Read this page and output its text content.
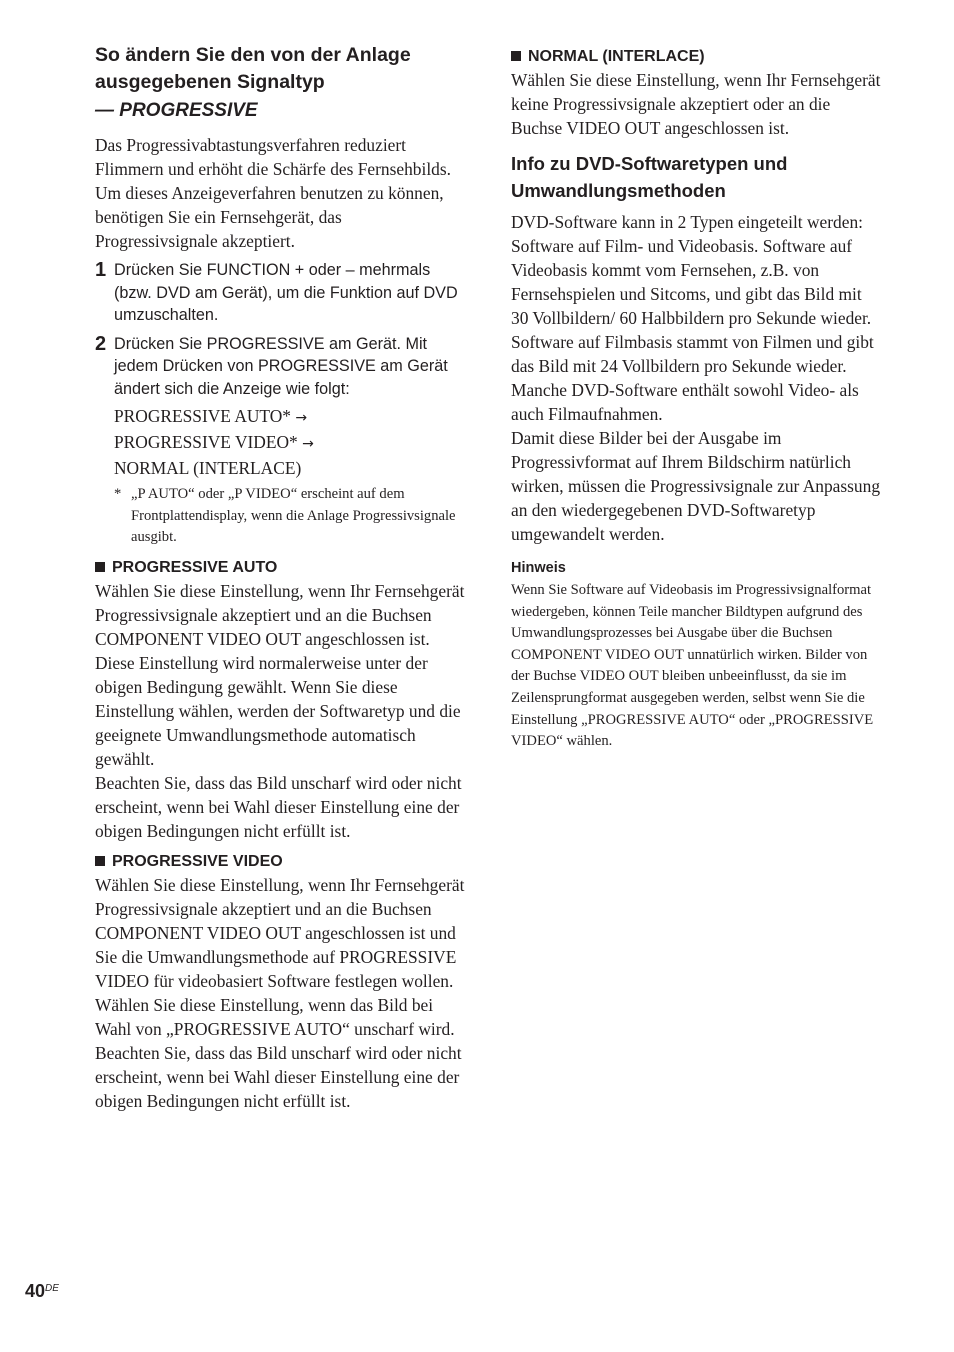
So ändern Sie den von der Anlage ausgegebenen Signaltyp
— PROGRESSIVE

Das Progressivabtastungsverfahren reduziert Flimmern und erhöht die Schärfe des Fernsehbilds. Um dieses Anzeigeverfahren benutzen zu können, benötigen Sie ein Fernsehgerät, das Progressivsignale akzeptiert.

1 Drücken Sie FUNCTION + oder – mehrmals (bzw. DVD am Gerät), um die Funktion auf DVD umzuschalten.

2 Drücken Sie PROGRESSIVE am Gerät. Mit jedem Drücken von PROGRESSIVE am Gerät ändert sich die Anzeige wie folgt:

PROGRESSIVE AUTO* →
PROGRESSIVE VIDEO* →
NORMAL (INTERLACE)
* „P AUTO“ oder „P VIDEO“ erscheint auf dem Frontplattendisplay, wenn die Anlage Progressivsignale ausgibt.
PROGRESSIVE AUTO

Wählen Sie diese Einstellung, wenn Ihr Fernsehgerät Progressivsignale akzeptiert und an die Buchsen COMPONENT VIDEO OUT angeschlossen ist.

Diese Einstellung wird normalerweise unter der obigen Bedingung gewählt. Wenn Sie diese Einstellung wählen, werden der Softwaretyp und die geeignete Umwandlungsmethode automatisch gewählt.

Beachten Sie, dass das Bild unscharf wird oder nicht erscheint, wenn bei Wahl dieser Einstellung eine der obigen Bedingungen nicht erfüllt ist.

PROGRESSIVE VIDEO

Wählen Sie diese Einstellung, wenn Ihr Fernsehgerät Progressivsignale akzeptiert und an die Buchsen COMPONENT VIDEO OUT angeschlossen ist und Sie die Umwandlungsmethode auf PROGRESSIVE VIDEO für videobasiert Software festlegen wollen.

Wählen Sie diese Einstellung, wenn das Bild bei Wahl von „PROGRESSIVE AUTO“ unscharf wird.

Beachten Sie, dass das Bild unscharf wird oder nicht erscheint, wenn bei Wahl dieser Einstellung eine der obigen Bedingungen nicht erfüllt ist.

NORMAL (INTERLACE)

Wählen Sie diese Einstellung, wenn Ihr Fernsehgerät keine Progressivsignale akzeptiert oder an die Buchse VIDEO OUT angeschlossen ist.

Info zu DVD-Softwaretypen und Umwandlungsmethoden

DVD-Software kann in 2 Typen eingeteilt werden: Software auf Film- und Videobasis. Software auf Videobasis kommt vom Fernsehen, z.B. von Fernsehspielen und Sitcoms, und gibt das Bild mit 30 Vollbildern/ 60 Halbbildern pro Sekunde wieder. Software auf Filmbasis stammt von Filmen und gibt das Bild mit 24 Vollbildern pro Sekunde wieder. Manche DVD-Software enthält sowohl Video- als auch Filmaufnahmen.

Damit diese Bilder bei der Ausgabe im Progressivformat auf Ihrem Bildschirm natürlich wirken, müssen die Progressivsignale zur Anpassung an den wiedergegebenen DVD-Softwaretyp umgewandelt werden.

Hinweis

Wenn Sie Software auf Videobasis im Progressivsignalformat wiedergeben, können Teile mancher Bildtypen aufgrund des Umwandlungsprozesses bei Ausgabe über die Buchsen COMPONENT VIDEO OUT unnatürlich wirken. Bilder von der Buchse VIDEO OUT bleiben unbeeinflusst, da sie im Zeilensprungformat ausgegeben werden, selbst wenn Sie die Einstellung „PROGRESSIVE AUTO“ oder „PROGRESSIVE VIDEO“ wählen.

40DE
